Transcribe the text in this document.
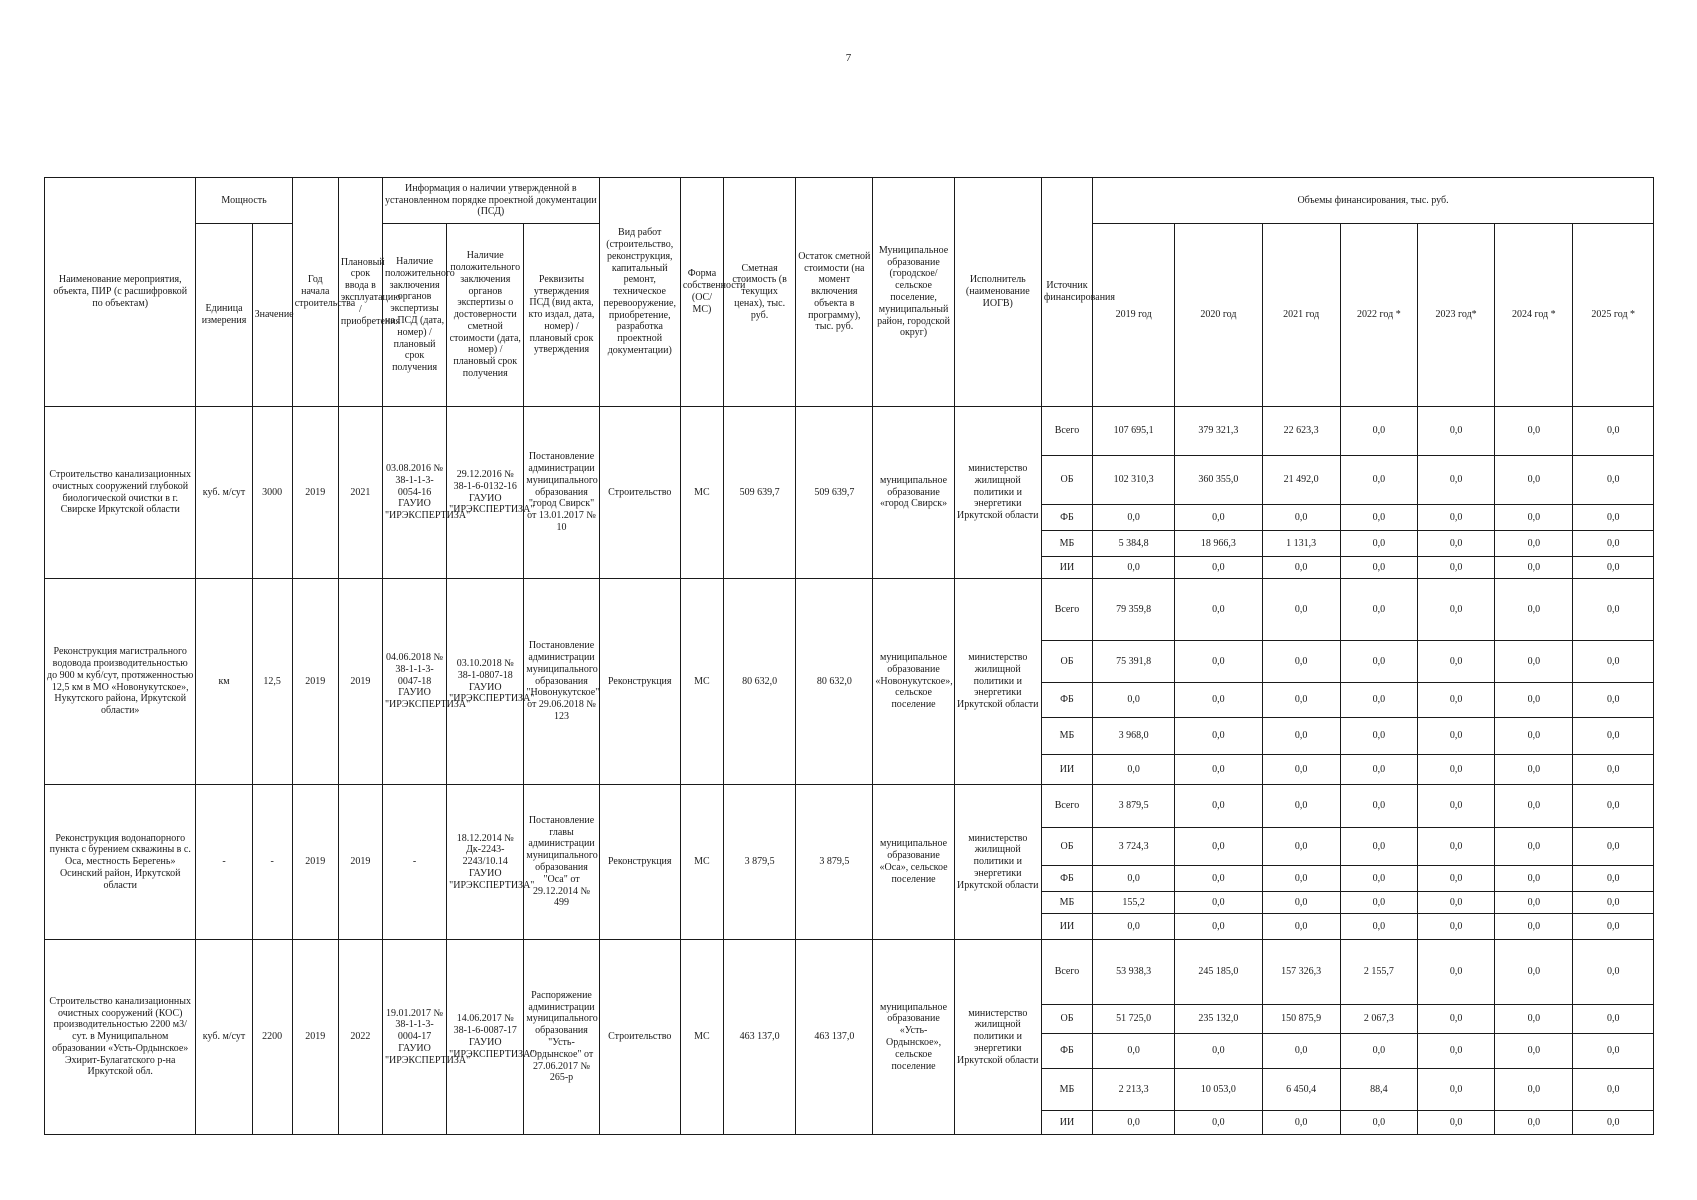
7
Наименование мероприятия, объекта, ПИР (с расшифровкой по объектам)	Мощность		Год начала строительства	Плановый срок ввода в эксплуатацию / приобретения	Информация о наличии утвержденной в установленном порядке проектной документации (ПСД)			Вид работ (строительство, реконструкция, капитальный ремонт, техническое перевооружение, приобретение, разработка проектной документации)	Форма собственности (ОС/МС)	Сметная стоимость (в текущих ценах), тыс. руб.	Остаток сметной стоимости (на момент включения объекта в программу), тыс. руб.	Муниципальное образование (городское/сельское поселение, муниципальный район, городской округ)	Исполнитель (наименование ИОГВ)	Источник финансирования	Объемы финансирования, тыс. руб.						
	Единица измерения	Значение			Наличие положительного заключения органов экспертизы на ПСД (дата, номер) / плановый срок получения	Наличие положительного заключения органов экспертизы о достоверности сметной стоимости (дата, номер) / плановый срок получения	Реквизиты утверждения ПСД (вид акта, кто издал, дата, номер) / плановый срок утверждения								2019 год	2020 год	2021 год	2022 год *	2023 год*	2024 год *	2025 год *
Строительство канализационных очистных сооружений глубокой биологической очистки в г. Свирске Иркутской области	куб. м/сут	3000	2019	2021	03.08.2016 № 38-1-1-3-0054-16 ГАУИО "ИРЭКСПЕРТИЗА"	29.12.2016 № 38-1-6-0132-16 ГАУИО "ИРЭКСПЕРТИЗА"	Постановление администрации муниципального образования "город Свирск" от 13.01.2017 № 10	Строительство	МС	509 639,7	509 639,7	муниципальное образование «город Свирск»	министерство жилищной политики и энергетики Иркутской области	Всего	107 695,1	379 321,3	22 623,3	0,0	0,0	0,0	0,0
														ОБ	102 310,3	360 355,0	21 492,0	0,0	0,0	0,0	0,0
														ФБ	0,0	0,0	0,0	0,0	0,0	0,0	0,0
														МБ	5 384,8	18 966,3	1 131,3	0,0	0,0	0,0	0,0
														ИИ	0,0	0,0	0,0	0,0	0,0	0,0	0,0
Реконструкция магистрального водовода производительностью до 900 м куб/сут, протяженностью 12,5 км в МО «Новонукутское», Нукутского района, Иркутской области»	км	12,5	2019	2019	04.06.2018 № 38-1-1-3-0047-18 ГАУИО "ИРЭКСПЕРТИЗА"	03.10.2018 № 38-1-0807-18 ГАУИО "ИРЭКСПЕРТИЗА"	Постановление администрации муниципального образования "Новонукутское" от 29.06.2018 № 123	Реконструкция	МС	80 632,0	80 632,0	муниципальное образование «Новонукутское», сельское поселение	министерство жилищной политики и энергетики Иркутской области	Всего	79 359,8	0,0	0,0	0,0	0,0	0,0	0,0
														ОБ	75 391,8	0,0	0,0	0,0	0,0	0,0	0,0
														ФБ	0,0	0,0	0,0	0,0	0,0	0,0	0,0
														МБ	3 968,0	0,0	0,0	0,0	0,0	0,0	0,0
														ИИ	0,0	0,0	0,0	0,0	0,0	0,0	0,0
Реконструкция водонапорного пункта с бурением скважины в с. Оса, местность Берегень» Осинский район, Иркутской области	-	-	2019	2019	-	18.12.2014 № Дк-2243-2243/10.14 ГАУИО "ИРЭКСПЕРТИЗА"	Постановление главы администрации муниципального образования "Оса" от 29.12.2014 № 499	Реконструкция	МС	3 879,5	3 879,5	муниципальное образование «Оса», сельское поселение	министерство жилищной политики и энергетики Иркутской области	Всего	3 879,5	0,0	0,0	0,0	0,0	0,0	0,0
														ОБ	3 724,3	0,0	0,0	0,0	0,0	0,0	0,0
														ФБ	0,0	0,0	0,0	0,0	0,0	0,0	0,0
														МБ	155,2	0,0	0,0	0,0	0,0	0,0	0,0
														ИИ	0,0	0,0	0,0	0,0	0,0	0,0	0,0
Строительство канализационных очистных сооружений (КОС) производительностью 2200 м3/сут. в Муниципальном образовании «Усть-Ордынское» Эхирит-Булагатского р-на Иркутской обл.	куб. м/сут	2200	2019	2022	19.01.2017 № 38-1-1-3-0004-17 ГАУИО "ИРЭКСПЕРТИЗА"	14.06.2017 № 38-1-6-0087-17 ГАУИО "ИРЭКСПЕРТИЗА"	Распоряжение администрации муниципального образования "Усть-Ордынское" от 27.06.2017 № 265-р	Строительство	МС	463 137,0	463 137,0	муниципальное образование «Усть-Ордынское», сельское поселение	министерство жилищной политики и энергетики Иркутской области	Всего	53 938,3	245 185,0	157 326,3	2 155,7	0,0	0,0	0,0
														ОБ	51 725,0	235 132,0	150 875,9	2 067,3	0,0	0,0	0,0
														ФБ	0,0	0,0	0,0	0,0	0,0	0,0	0,0
														МБ	2 213,3	10 053,0	6 450,4	88,4	0,0	0,0	0,0
														ИИ	0,0	0,0	0,0	0,0	0,0	0,0	0,0
